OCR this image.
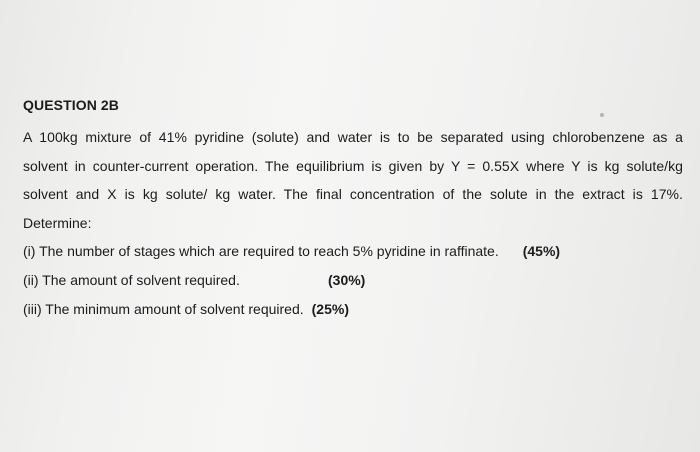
QUESTION 2B
A 100kg mixture of 41% pyridine (solute) and water is to be separated using chlorobenzene as a
solvent in counter-current operation. The equilibrium is given by Y = 0.55X where Y is kg solute/kg
solvent and X is kg solute/ kg water. The final concentration of the solute in the extract is 17%.
Determine:
(i) The number of stages which are required to reach 5% pyridine in raffinate. (45%)
(ii) The amount of solvent required.	(30%)
(iii) The minimum amount of solvent required. (25%)
